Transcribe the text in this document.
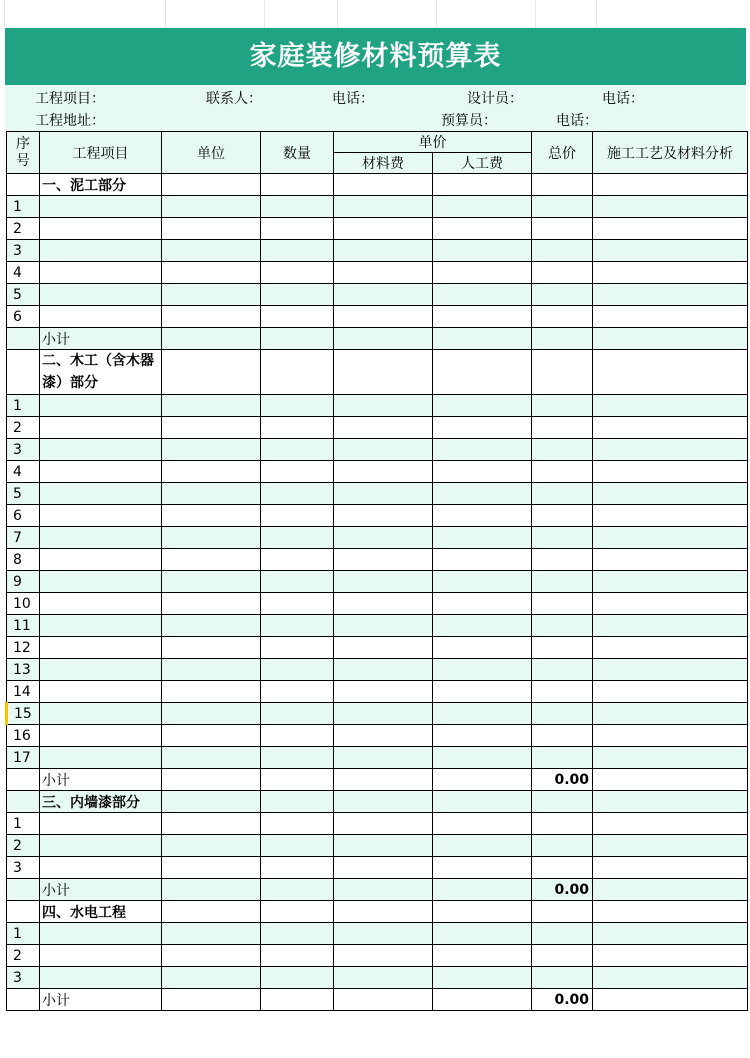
家庭装修材料预算表
工程项目：	联系人：	电话：	设计员：	电话：
工程地址：	预算员：	电话：
序
号	工程项目	单位	数量	单价		总价	施工工艺及材料分析
				材料费	人工费		
	一、泥工部分						
1							
2							
3							
4							
5							
6							
	小计						
	二、木工（含木器漆）部分						
1							
2							
3							
4							
5							
6							
7							
8							
9							
10							
11							
12							
13							
14							
15							
16							
17							
	小计					0.00	
	三、内墙漆部分						
1							
2							
3							
	小计					0.00	
	四、水电工程						
1							
2							
3							
	小计					0.00	
